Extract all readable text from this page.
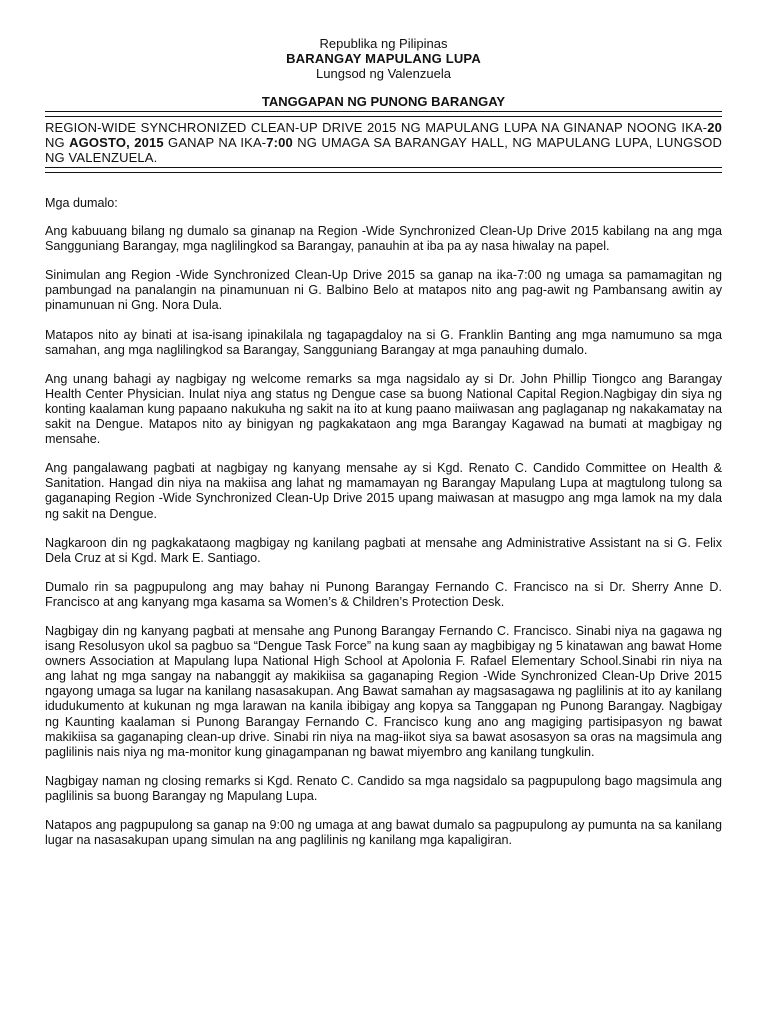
Republika ng Pilipinas
BARANGAY MAPULANG LUPA
Lungsod ng Valenzuela
TANGGAPAN NG PUNONG BARANGAY
REGION-WIDE SYNCHRONIZED CLEAN-UP DRIVE 2015 NG MAPULANG LUPA NA GINANAP NOONG IKA-20 NG AGOSTO, 2015 GANAP NA IKA-7:00 NG UMAGA SA BARANGAY HALL, NG MAPULANG LUPA, LUNGSOD NG VALENZUELA.

Mga dumalo:

Ang kabuuang bilang ng dumalo sa ginanap na Region -Wide Synchronized Clean-Up Drive 2015 kabilang na ang mga Sangguniang Barangay, mga naglilingkod sa Barangay, panauhin at iba pa ay nasa hiwalay na papel.

Sinimulan ang Region -Wide Synchronized Clean-Up Drive 2015 sa ganap na ika-7:00 ng umaga sa pamamagitan ng pambungad na panalangin na pinamunuan ni G. Balbino Belo at matapos nito ang pag-awit ng Pambansang awitin ay pinamunuan ni Gng. Nora Dula.

Matapos nito ay binati at isa-isang ipinakilala ng tagapagdaloy na si G. Franklin Banting ang mga namumuno sa mga samahan, ang mga naglilingkod sa Barangay, Sangguniang Barangay at mga panauhing dumalo.

Ang unang bahagi ay nagbigay ng welcome remarks sa mga nagsidalo ay si Dr. John Phillip Tiongco ang Barangay Health Center Physician. Inulat niya ang status ng Dengue case sa buong National Capital Region.Nagbigay din siya ng konting kaalaman kung papaano nakukuha ng sakit na ito at kung paano maiiwasan ang paglaganap ng nakakamatay na sakit na Dengue. Matapos nito ay binigyan ng pagkakataon ang mga Barangay Kagawad na bumati at magbigay ng mensahe.

Ang pangalawang pagbati at nagbigay ng kanyang mensahe ay si Kgd. Renato C. Candido Committee on Health & Sanitation. Hangad din niya na makiisa ang lahat ng mamamayan ng Barangay Mapulang Lupa at magtulong tulong sa gaganaping Region -Wide Synchronized Clean-Up Drive 2015 upang maiwasan at masugpo ang mga lamok na my dala ng sakit na Dengue.

Nagkaroon din ng pagkakataong magbigay ng kanilang pagbati at mensahe ang Administrative Assistant na si G. Felix Dela Cruz at si Kgd. Mark E. Santiago.

Dumalo rin sa pagpupulong ang may bahay ni Punong Barangay Fernando C. Francisco na si Dr. Sherry Anne D. Francisco at ang kanyang mga kasama sa Women’s & Children’s Protection Desk.

Nagbigay din ng kanyang pagbati at mensahe ang Punong Barangay Fernando C. Francisco. Sinabi niya na gagawa ng isang Resolusyon ukol sa pagbuo sa “Dengue Task Force” na kung saan ay magbibigay ng 5 kinatawan ang bawat Home owners Association at Mapulang lupa National High School at Apolonia F. Rafael Elementary School.Sinabi rin niya na ang lahat ng mga sangay na nabanggit ay makikiisa sa gaganaping Region -Wide Synchronized Clean-Up Drive 2015 ngayong umaga sa lugar na kanilang nasasakupan. Ang Bawat samahan ay magsasagawa ng paglilinis at ito ay kanilang idudukumento at kukunan ng mga larawan na kanila ibibigay ang kopya sa Tanggapan ng Punong Barangay. Nagbigay ng Kaunting kaalaman si Punong Barangay Fernando C. Francisco kung ano ang magiging partisipasyon ng bawat makikiisa sa gaganaping clean-up drive. Sinabi rin niya na mag-iikot siya sa bawat asosasyon sa oras na magsimula ang paglilinis nais niya ng ma-monitor kung ginagampanan ng bawat miyembro ang kanilang tungkulin.

Nagbigay naman ng closing remarks si Kgd. Renato C. Candido sa mga nagsidalo sa pagpupulong bago magsimula ang paglilinis sa buong Barangay ng Mapulang Lupa.

Natapos ang pagpupulong sa ganap na 9:00 ng umaga at ang bawat dumalo sa pagpupulong ay pumunta na sa kanilang lugar na nasasakupan upang simulan na ang paglilinis ng kanilang mga kapaligiran.
